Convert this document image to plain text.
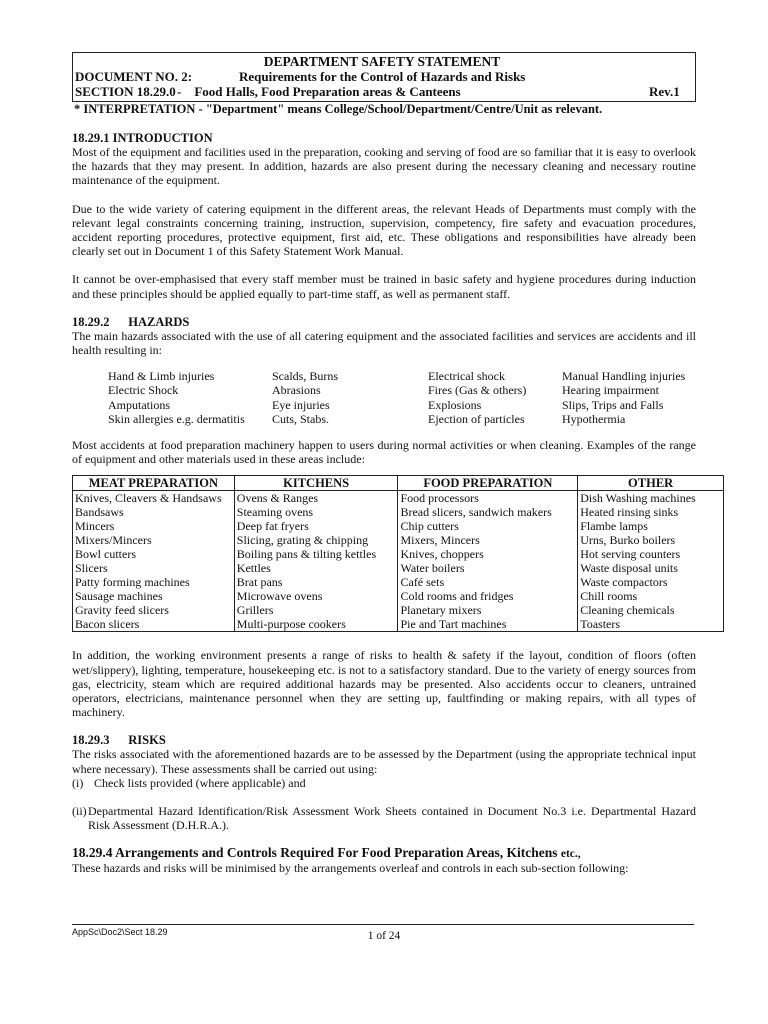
DEPARTMENT SAFETY STATEMENT
DOCUMENT NO. 2:	Requirements for the Control of Hazards and Risks
SECTION 18.29.0 -    Food Halls, Food Preparation areas & Canteens	Rev.1
* INTERPRETATION - "Department" means College/School/Department/Centre/Unit as relevant.
18.29.1 INTRODUCTION

Most of the equipment and facilities used in the preparation, cooking and serving of food are so familiar that it is easy to overlook the hazards that they may present. In addition, hazards are also present during the necessary cleaning and necessary routine maintenance of the equipment.

Due to the wide variety of catering equipment in the different areas, the relevant Heads of Departments must comply with the relevant legal constraints concerning training, instruction, supervision, competency, fire safety and evacuation procedures, accident reporting procedures, protective equipment, first aid, etc. These obligations and responsibilities have already been clearly set out in Document 1 of this Safety Statement Work Manual.

It cannot be over-emphasised that every staff member must be trained in basic safety and hygiene procedures during induction and these principles should be applied equally to part-time staff, as well as permanent staff.

18.29.2      HAZARDS

The main hazards associated with the use of all catering equipment and the associated facilities and services are accidents and ill health resulting in:

Hand & Limb injuries	Scalds, Burns	Electrical shock	Manual Handling injuries
Electric Shock	Abrasions	Fires (Gas & others)	Hearing impairment
Amputations	Eye injuries	Explosions	Slips, Trips and Falls
Skin allergies e.g. dermatitis	Cuts, Stabs.	Ejection of particles	Hypothermia

Most accidents at food preparation machinery happen to users during normal activities or when cleaning. Examples of the range of equipment and other materials used in these areas include:

MEAT PREPARATION	KITCHENS	FOOD PREPARATION	OTHER
Knives, Cleavers & Handsaws	Ovens & Ranges	Food processors	Dish Washing machines
Bandsaws	Steaming ovens	Bread slicers, sandwich makers	Heated rinsing sinks
Mincers	Deep fat fryers	Chip cutters	Flambe lamps
Mixers/Mincers	Slicing, grating & chipping	Mixers, Mincers	Urns, Burko boilers
Bowl cutters	Boiling pans & tilting kettles	Knives, choppers	Hot serving counters
Slicers	Kettles	Water boilers	Waste disposal units
Patty forming machines	Brat pans	Café sets	Waste compactors
Sausage machines	Microwave ovens	Cold rooms and fridges	Chill rooms
Gravity feed slicers	Grillers	Planetary mixers	Cleaning chemicals
Bacon slicers	Multi-purpose cookers	Pie and Tart machines	Toasters

In addition, the working environment presents a range of risks to health & safety if the layout, condition of floors (often wet/slippery), lighting, temperature, housekeeping etc. is not to a satisfactory standard. Due to the variety of energy sources from gas, electricity, steam which are required additional hazards may be presented. Also accidents occur to cleaners, untrained operators, electricians, maintenance personnel when they are setting up, faultfinding or making repairs, with all types of machinery.

18.29.3      RISKS

The risks associated with the aforementioned hazards are to be assessed by the Department (using the appropriate technical input where necessary). These assessments shall be carried out using:

(i) Check lists provided (where applicable) and
(ii) Departmental Hazard Identification/Risk Assessment Work Sheets contained in Document No.3 i.e. Departmental Hazard Risk Assessment (D.H.R.A.).
18.29.4 Arrangements and Controls Required For Food Preparation Areas, Kitchens etc.,

These hazards and risks will be minimised by the arrangements overleaf and controls in each sub-section following:

AppSc\Doc2\Sect 18.29	1 of 24
